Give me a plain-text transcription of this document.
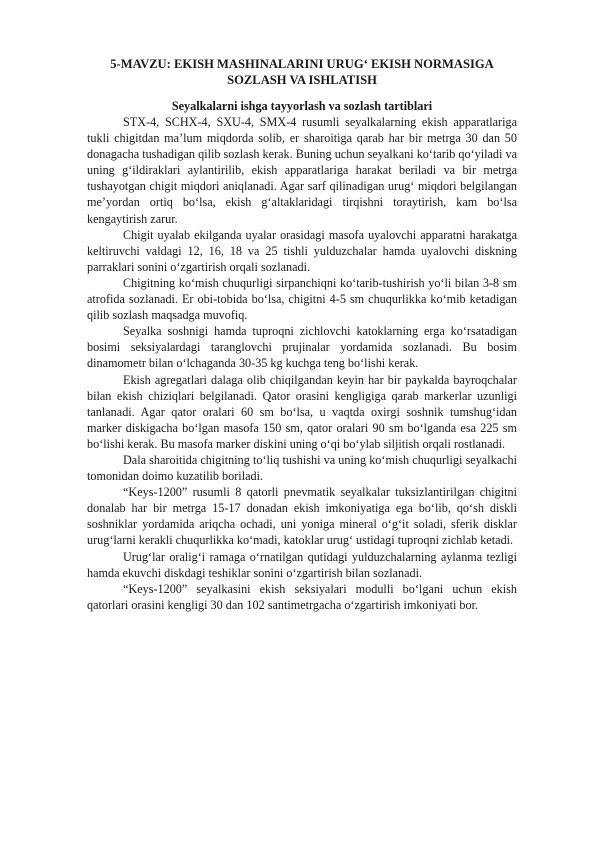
5-MAVZU: EKISH MASHINALARINI URUG‘ EKISH NORMASIGA SOZLASH VA ISHLATISH
Seyalkalarni ishga tayyorlash va sozlash tartiblari

STX-4, SCHX-4, SXU-4, SMX-4 rusumli seyalkalarning ekish apparatlariga tukli chigitdan ma’lum miqdorda solib, er sharoitiga qarab har bir metrga 30 dan 50 donagacha tushadigan qilib sozlash kerak. Buning uchun seyalkani ko‘tarib qo‘yiladi va uning g‘ildiraklari aylantirilib, ekish apparatlariga harakat beriladi va bir metrga tushayotgan chigit miqdori aniqlanadi. Agar sarf qilinadigan urug‘ miqdori belgilangan me’yordan ortiq bo‘lsa, ekish g‘altaklaridagi tirqishni toraytirish, kam bo‘lsa kengaytirish zarur.

Chigit uyalab ekilganda uyalar orasidagi masofa uyalovchi apparatni harakatga keltiruvchi valdagi 12, 16, 18 va 25 tishli yulduzchalar hamda uyalovchi diskning parraklari sonini o‘zgartirish orqali sozlanadi.

Chigitning ko‘mish chuqurligi sirpanchiqni ko‘tarib-tushirish yo‘li bilan 3-8 sm atrofida sozlanadi. Er obi-tobida bo‘lsa, chigitni 4-5 sm chuqurlikka ko‘mib ketadigan qilib sozlash maqsadga muvofiq.

Seyalka soshnigi hamda tuproqni zichlovchi katoklarning erga ko‘rsatadigan bosimi seksiyalardagi taranglovchi prujinalar yordamida sozlanadi. Bu bosim dinamometr bilan o‘lchaganda 30-35 kg kuchga teng bo‘lishi kerak.

Ekish agregatlari dalaga olib chiqilgandan keyin har bir paykalda bayroqchalar bilan ekish chiziqlari belgilanadi. Qator orasini kengligiga qarab markerlar uzunligi tanlanadi. Agar qator oralari 60 sm bo‘lsa, u vaqtda oxirgi soshnik tumshug‘idan marker diskigacha bo‘lgan masofa 150 sm, qator oralari 90 sm bo‘lganda esa 225 sm bo‘lishi kerak. Bu masofa marker diskini uning o‘qi bo‘ylab siljitish orqali rostlanadi.

Dala sharoitida chigitning to‘liq tushishi va uning ko‘mish chuqurligi seyalkachi tomonidan doimo kuzatilib boriladi.

“Keys-1200” rusumli 8 qatorli pnevmatik seyalkalar tuksizlantirilgan chigitni donalab har bir metrga 15-17 donadan ekish imkoniyatiga ega bo‘lib, qo‘sh diskli soshniklar yordamida ariqcha ochadi, uni yoniga mineral o‘g‘it soladi, sferik disklar urug‘larni kerakli chuqurlikka ko‘madi, katoklar urug‘ ustidagi tuproqni zichlab ketadi.

Urug‘lar oralig‘i ramaga o‘rnatilgan qutidagi yulduzchalarning aylanma tezligi hamda ekuvchi diskdagi teshiklar sonini o‘zgartirish bilan sozlanadi.

“Keys-1200” seyalkasini ekish seksiyalari modulli bo‘lgani uchun ekish qatorlari orasini kengligi 30 dan 102 santimetrgacha o‘zgartirish imkoniyati bor.
